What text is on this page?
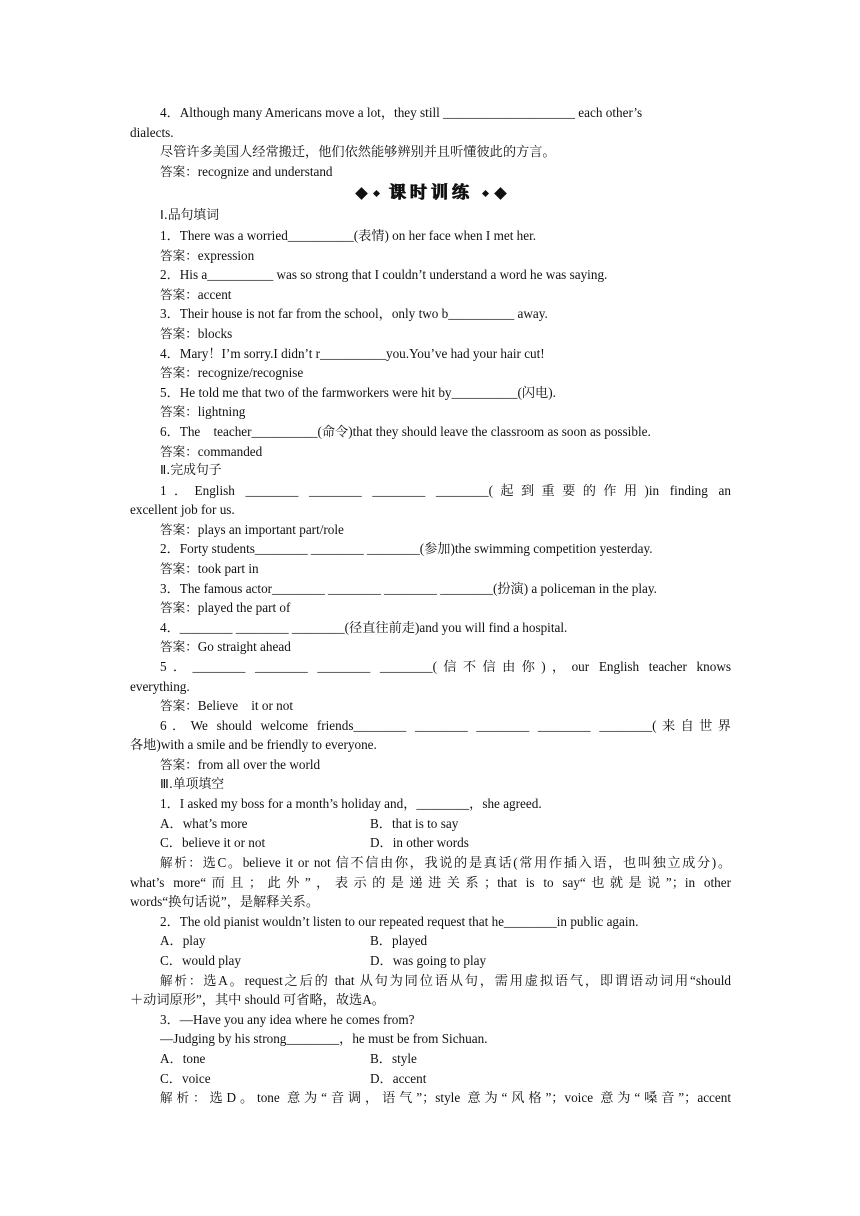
4．Although many Americans move a lot，they still ____________________ each other’s

dialects.

尽管许多美国人经常搬迁，他们依然能够辨别并且听懂彼此的方言。

答案：recognize and understand

课时训练

Ⅰ.品句填词

1．There was a worried__________(表情) on her face when I met her.

答案：expression

2．His a__________ was so strong that I couldn’t understand a word he was saying.

答案：accent

3．Their house is not far from the school，only two b__________ away.

答案：blocks

4．Mary！I’m sorry.I didn’t r__________you.You’ve had your hair cut!

答案：recognize/recognise

5．He told me that two of the farmworkers were hit by__________(闪电).

答案：lightning

6．The　teacher__________(命令)that they should leave the classroom as soon as possible.

答案：commanded

Ⅱ.完成句子

1．English ________ ________ ________ ________(起到重要的作用)in finding an

excellent job for us.

答案：plays an important part/role

2．Forty students________ ________ ________(参加)the swimming competition yesterday.

答案：took part in

3．The famous actor________ ________ ________ ________(扮演) a policeman in the play.

答案：played the part of

4．________ ________ ________(径直往前走)and you will find a hospital.

答案：Go straight ahead

5．________ ________ ________ ________(信不信由你)，our English teacher knows

everything.

答案：Believe　it or not

6．We should welcome friends________ ________ ________ ________ ________(来自世界

各地)with a smile and be friendly to everyone.

答案：from all over the world

Ⅲ.单项填空

1．I asked my boss for a month’s holiday and，________，she agreed.

A．what’s more	B．that is to say
C．believe it or not	D．in other words

解析：选C。believe it or not 信不信由你，我说的是真话(常用作插入语，也叫独立成分)。

what’s more“而且；此外”，表示的是递进关系；that is to say“也就是说”；in other

words“换句话说”，是解释关系。

2．The old pianist wouldn’t listen to our repeated request that he________in public again.

A．play	B．played
C．would play	D．was going to play

解析：选A。request之后的 that 从句为同位语从句，需用虚拟语气，即谓语动词用“should

＋动词原形”，其中 should 可省略，故选A。

3．—Have you any idea where he comes from?

—Judging by his strong________，he must be from Sichuan.

A．tone	B．style
C．voice	D．accent

解析：选D。tone 意为“音调，语气”；style 意为“风格”；voice 意为“嗓音”；accent
